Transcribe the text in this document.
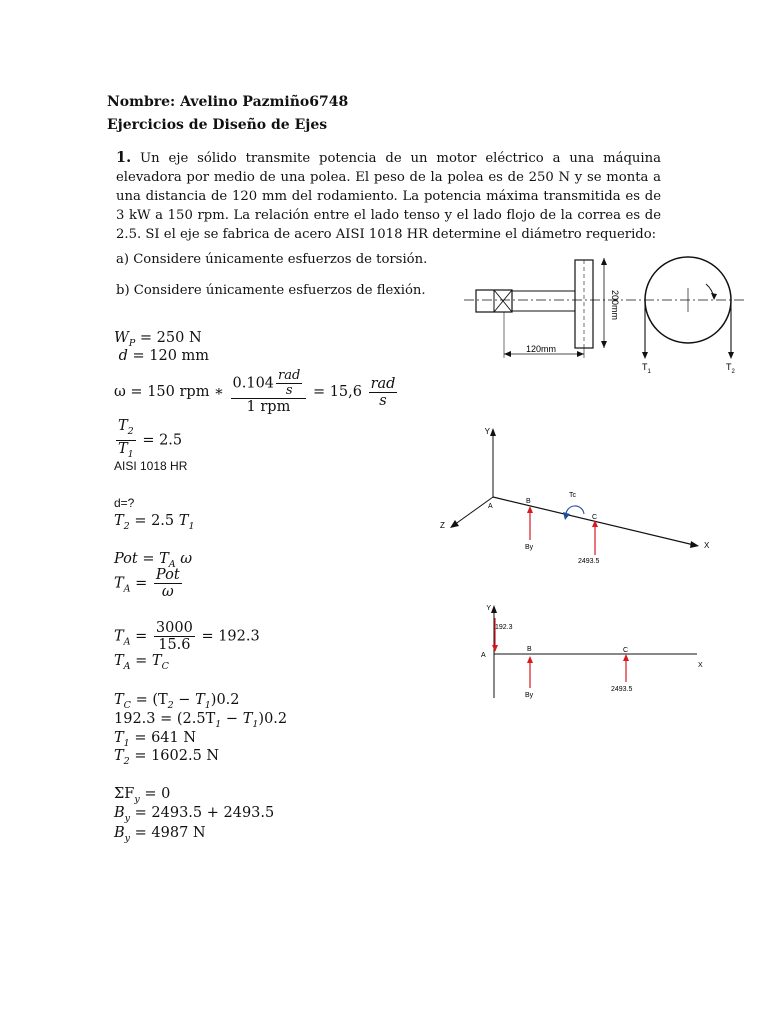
Nombre: Avelino Pazmiño6748
Ejercicios de Diseño de Ejes
1. Un eje sólido transmite potencia de un motor eléctrico a una máquina elevadora por medio de una polea. El peso de la polea es de 250 N y se monta a una distancia de 120 mm del rodamiento. La potencia máxima transmitida es de 3 kW a 150 rpm. La relación entre el lado tenso y el lado flojo de la correa es de 2.5. SI el eje se fabrica de acero AISI 1018 HR determine el diámetro requerido:
a) Considere únicamente esfuerzos de torsión.
b) Considere únicamente esfuerzos de flexión.	200mm
120mm
$T_1$	$T_2$
Y
Z
X
A
B
By
Tc
C
2493.5
Y
X
A
192.3
B
By
C
2493.5
$W_P = 250$ N
d = 120 mm
ω = 150 rpm ∗ $\frac{0.104 \frac{\text{rad}}{s}}{\text{1 rpm}} = 15,6 \frac{\text{rad}}{s}$
$\frac{T_2}{T_1} = 2.5$
AISI 1018 HR
d=?
$T_2 = 2.5$ $T_1$
Pot = $T_A$ ω
$T_A = \frac{\text{Pot}}{\omega}$
$T_A = \frac{3000}{15.6} = 192.3$
$T_A = T_C$
$T_C = (T_2 - T_1)0.2$
$192.3 = (2.5T_1 - T_1)0.2$
$T_1 = 641$ N
$T_2 = 1602.5$ N
$\Sigma F_y = 0$
$B_y = 2493.5 + 2493.5$
$B_y = 4987$ N
